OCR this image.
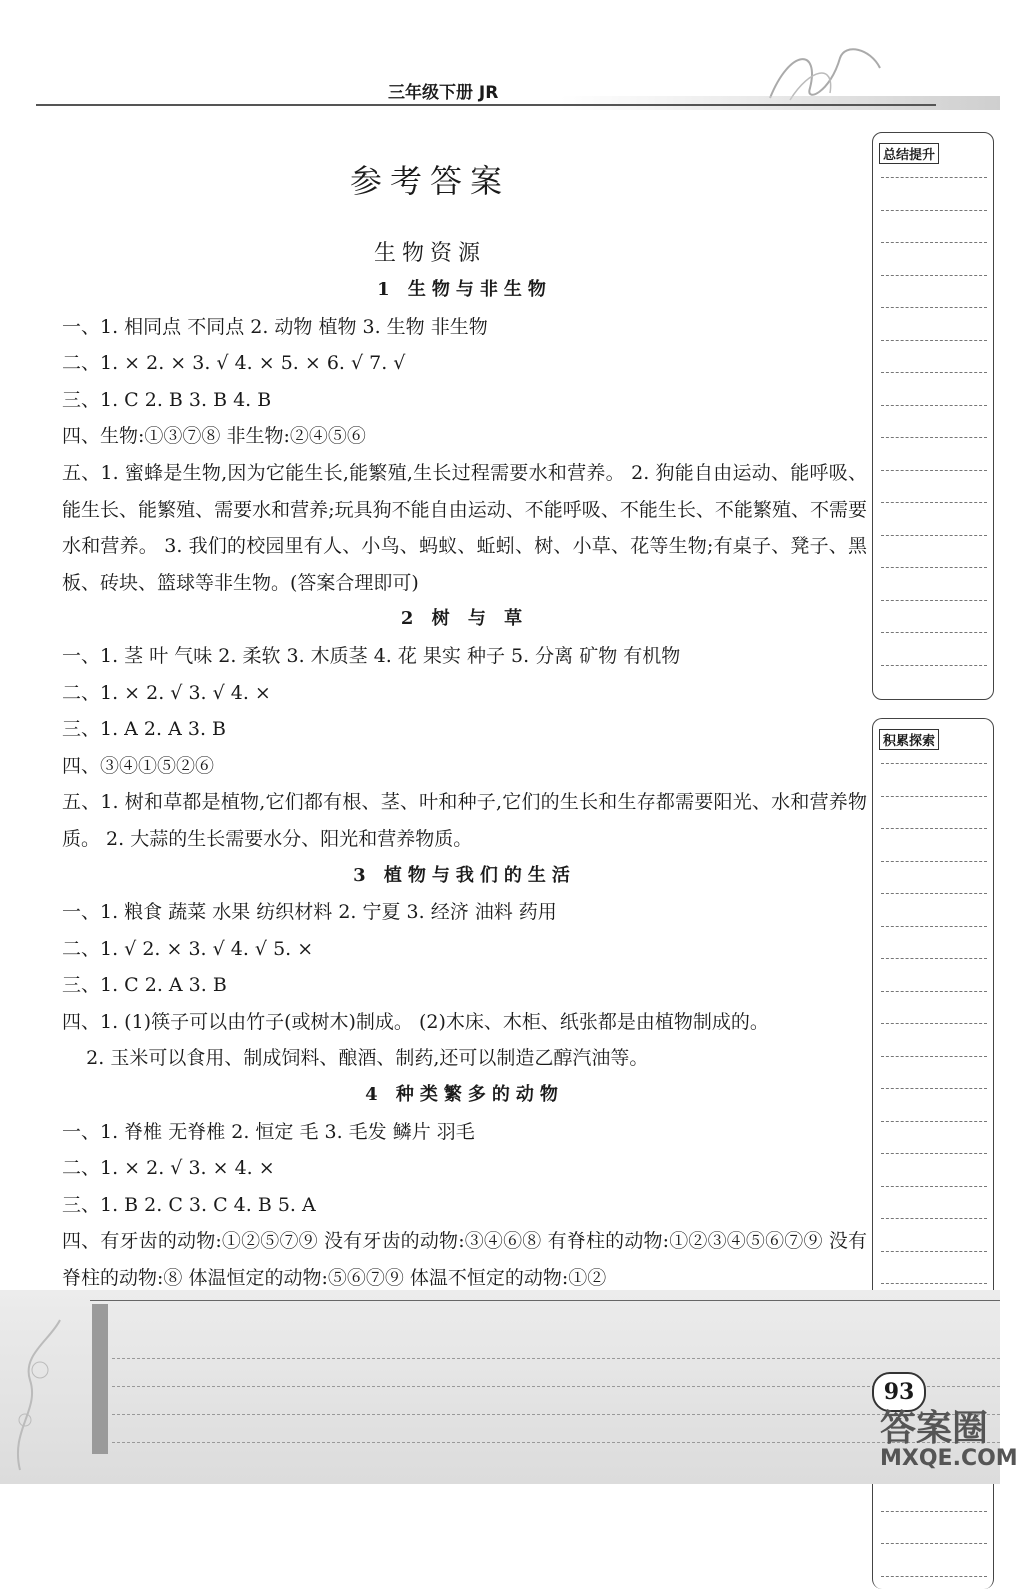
三年级下册 JR
参考答案
生物资源
1 生物与非生物
一、1. 相同点 不同点 2. 动物 植物 3. 生物 非生物
二、1. × 2. × 3. √ 4. × 5. × 6. √ 7. √
三、1. C 2. B 3. B 4. B
四、生物:①③⑦⑧ 非生物:②④⑤⑥
五、1. 蜜蜂是生物,因为它能生长,能繁殖,生长过程需要水和营养。 2. 狗能自由运动、能呼吸、能生长、能繁殖、需要水和营养;玩具狗不能自由运动、不能呼吸、不能生长、不能繁殖、不需要水和营养。 3. 我们的校园里有人、小鸟、蚂蚁、蚯蚓、树、小草、花等生物;有桌子、凳子、黑板、砖块、篮球等非生物。(答案合理即可)
2 树 与 草
一、1. 茎 叶 气味 2. 柔软 3. 木质茎 4. 花 果实 种子 5. 分离 矿物 有机物
二、1. × 2. √ 3. √ 4. ×
三、1. A 2. A 3. B
四、③④①⑤②⑥
五、1. 树和草都是植物,它们都有根、茎、叶和种子,它们的生长和生存都需要阳光、水和营养物质。 2. 大蒜的生长需要水分、阳光和营养物质。
3 植物与我们的生活
一、1. 粮食 蔬菜 水果 纺织材料 2. 宁夏 3. 经济 油料 药用
二、1. √ 2. × 3. √ 4. √ 5. ×
三、1. C 2. A 3. B
四、1. (1)筷子可以由竹子(或树木)制成。 (2)木床、木柜、纸张都是由植物制成的。
2. 玉米可以食用、制成饲料、酿酒、制药,还可以制造乙醇汽油等。
4 种类繁多的动物
一、1. 脊椎 无脊椎 2. 恒定 毛 3. 毛发 鳞片 羽毛
二、1. × 2. √ 3. × 4. ×
三、1. B 2. C 3. C 4. B 5. A
四、有牙齿的动物:①②⑤⑦⑨ 没有牙齿的动物:③④⑥⑧ 有脊柱的动物:①②③④⑤⑥⑦⑨ 没有脊柱的动物:⑧ 体温恒定的动物:⑤⑥⑦⑨ 体温不恒定的动物:①②
总结提升
积累探索
93
答案圈
MXQE.COM
